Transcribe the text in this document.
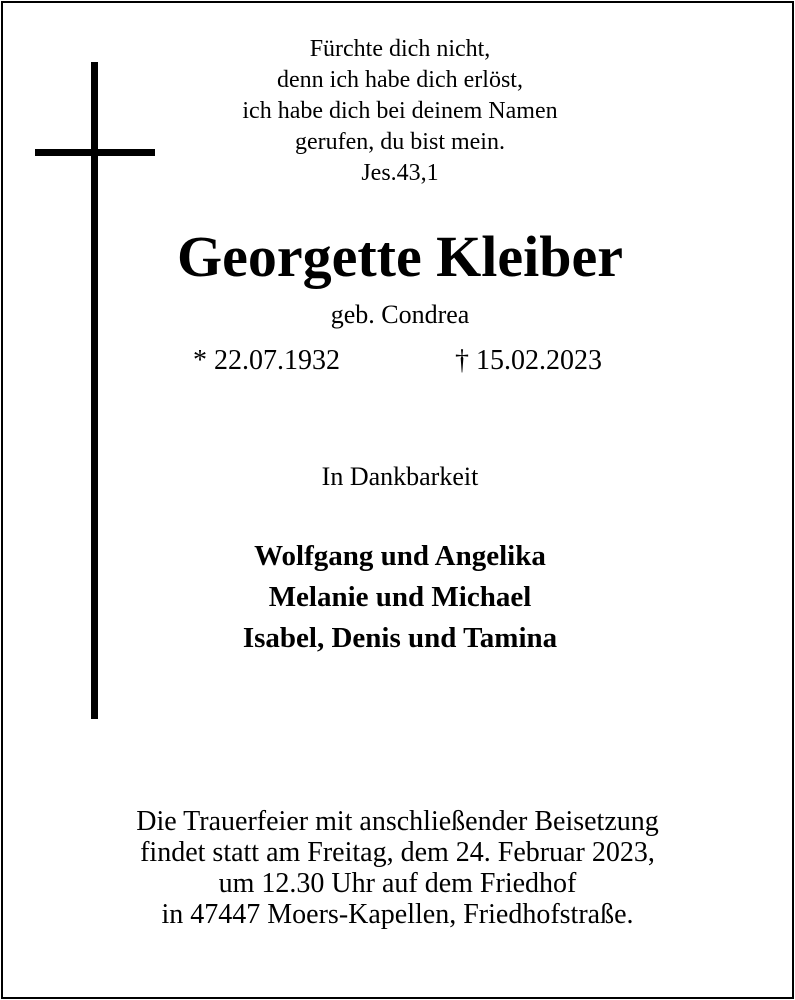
Fürchte dich nicht,
denn ich habe dich erlöst,
ich habe dich bei deinem Namen
gerufen, du bist mein.
Jes.43,1
Georgette Kleiber
geb. Condrea
* 22.07.1932	† 15.02.2023
In Dankbarkeit
Wolfgang und Angelika
Melanie und Michael
Isabel, Denis und Tamina
Die Trauerfeier mit anschließender Beisetzung
findet statt am Freitag, dem 24. Februar 2023,
um 12.30 Uhr auf dem Friedhof
in 47447 Moers-Kapellen, Friedhofstraße.
